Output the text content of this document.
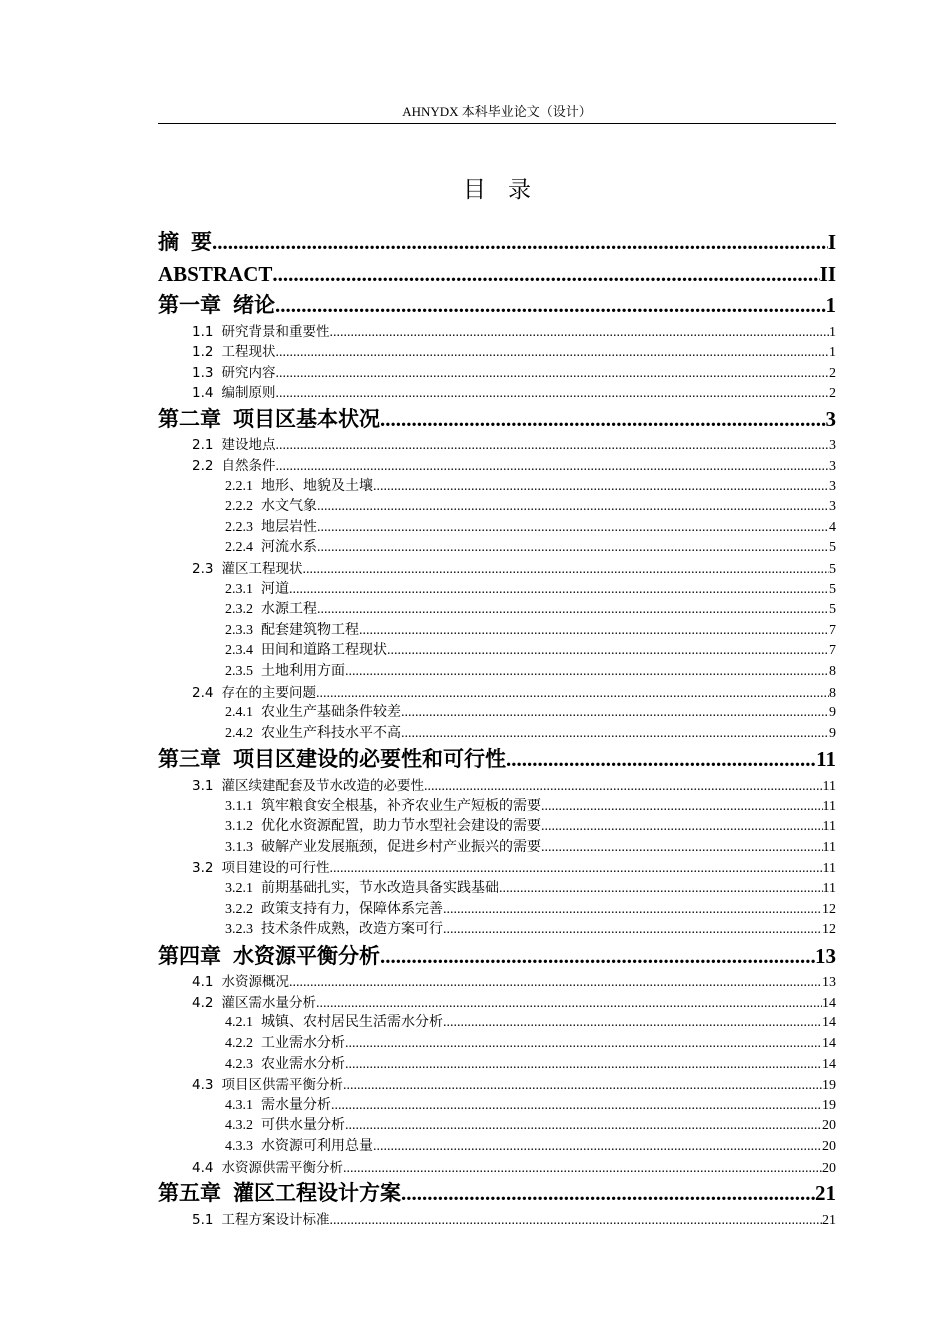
AHNYDX 本科毕业论文（设计）
目录
摘 要 .....	I
ABSTRACT .....	II
第一章 绪论 .....	1
1.1 研究背景和重要性 .....	1
1.2 工程现状 .....	1
1.3 研究内容 .....	2
1.4 编制原则 .....	2
第二章 项目区基本状况 .....	3
2.1 建设地点 .....	3
2.2 自然条件 .....	3
2.2.1 地形、地貌及土壤 .....	3
2.2.2 水文气象 .....	3
2.2.3 地层岩性 .....	4
2.2.4 河流水系 .....	5
2.3 灌区工程现状 .....	5
2.3.1 河道 .....	5
2.3.2 水源工程 .....	5
2.3.3 配套建筑物工程 .....	7
2.3.4 田间和道路工程现状 .....	7
2.3.5 土地利用方面 .....	8
2.4 存在的主要问题 .....	8
2.4.1 农业生产基础条件较差 .....	9
2.4.2 农业生产科技水平不高 .....	9
第三章 项目区建设的必要性和可行性 .....	11
3.1 灌区续建配套及节水改造的必要性 .....	11
3.1.1 筑牢粮食安全根基，补齐农业生产短板的需要 .....	11
3.1.2 优化水资源配置，助力节水型社会建设的需要 .....	11
3.1.3 破解产业发展瓶颈，促进乡村产业振兴的需要 .....	11
3.2 项目建设的可行性 .....	11
3.2.1 前期基础扎实，节水改造具备实践基础 .....	11
3.2.2 政策支持有力，保障体系完善 .....	12
3.2.3 技术条件成熟，改造方案可行 .....	12
第四章 水资源平衡分析 .....	13
4.1 水资源概况 .....	13
4.2 灌区需水量分析 .....	14
4.2.1 城镇、农村居民生活需水分析 .....	14
4.2.2 工业需水分析 .....	14
4.2.3 农业需水分析 .....	14
4.3 项目区供需平衡分析 .....	19
4.3.1 需水量分析 .....	19
4.3.2 可供水量分析 .....	20
4.3.3 水资源可利用总量 .....	20
4.4 水资源供需平衡分析 .....	20
第五章 灌区工程设计方案 .....	21
5.1 工程方案设计标准 .....	21
